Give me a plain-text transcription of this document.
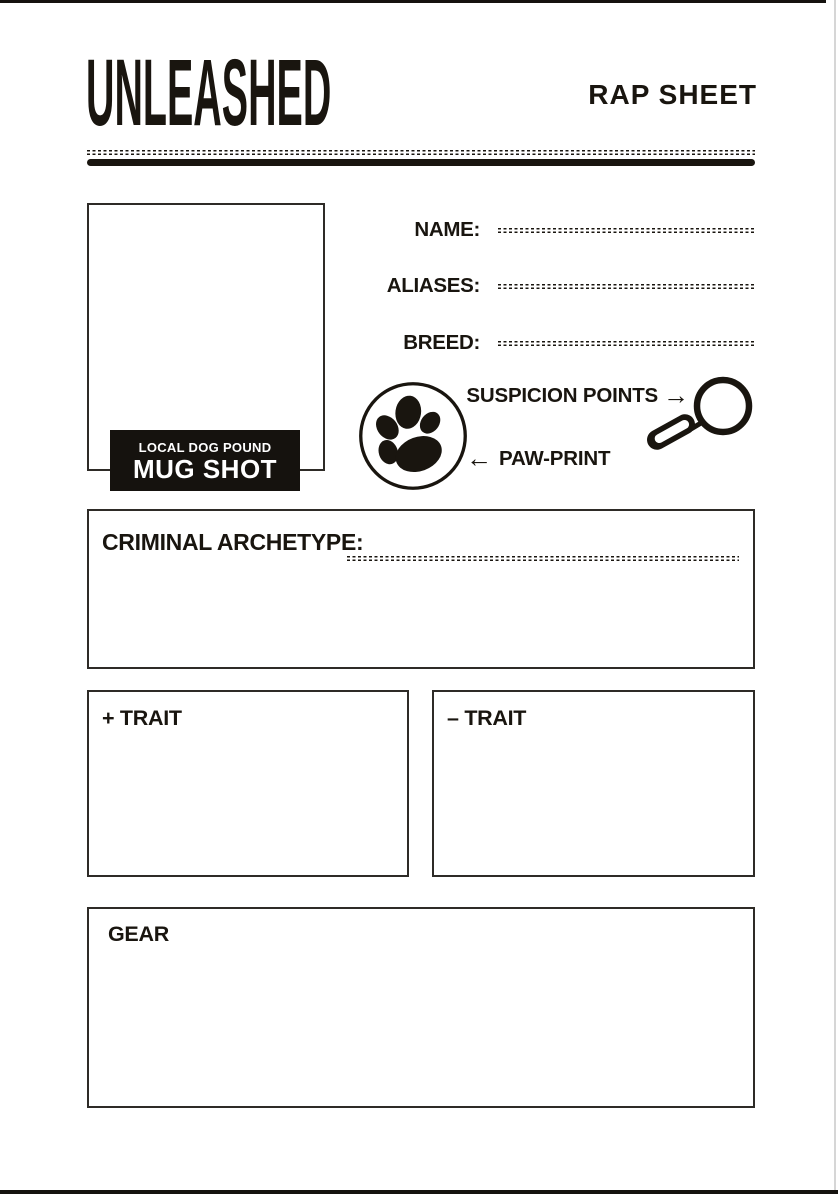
UNLEASHED	RAP SHEET
LOCAL DOG POUND
MUG SHOT
NAME:
ALIASES:
BREED:
SUSPICION POINTS →
← PAW-PRINT
CRIMINAL ARCHETYPE:
+ TRAIT	– TRAIT
GEAR
